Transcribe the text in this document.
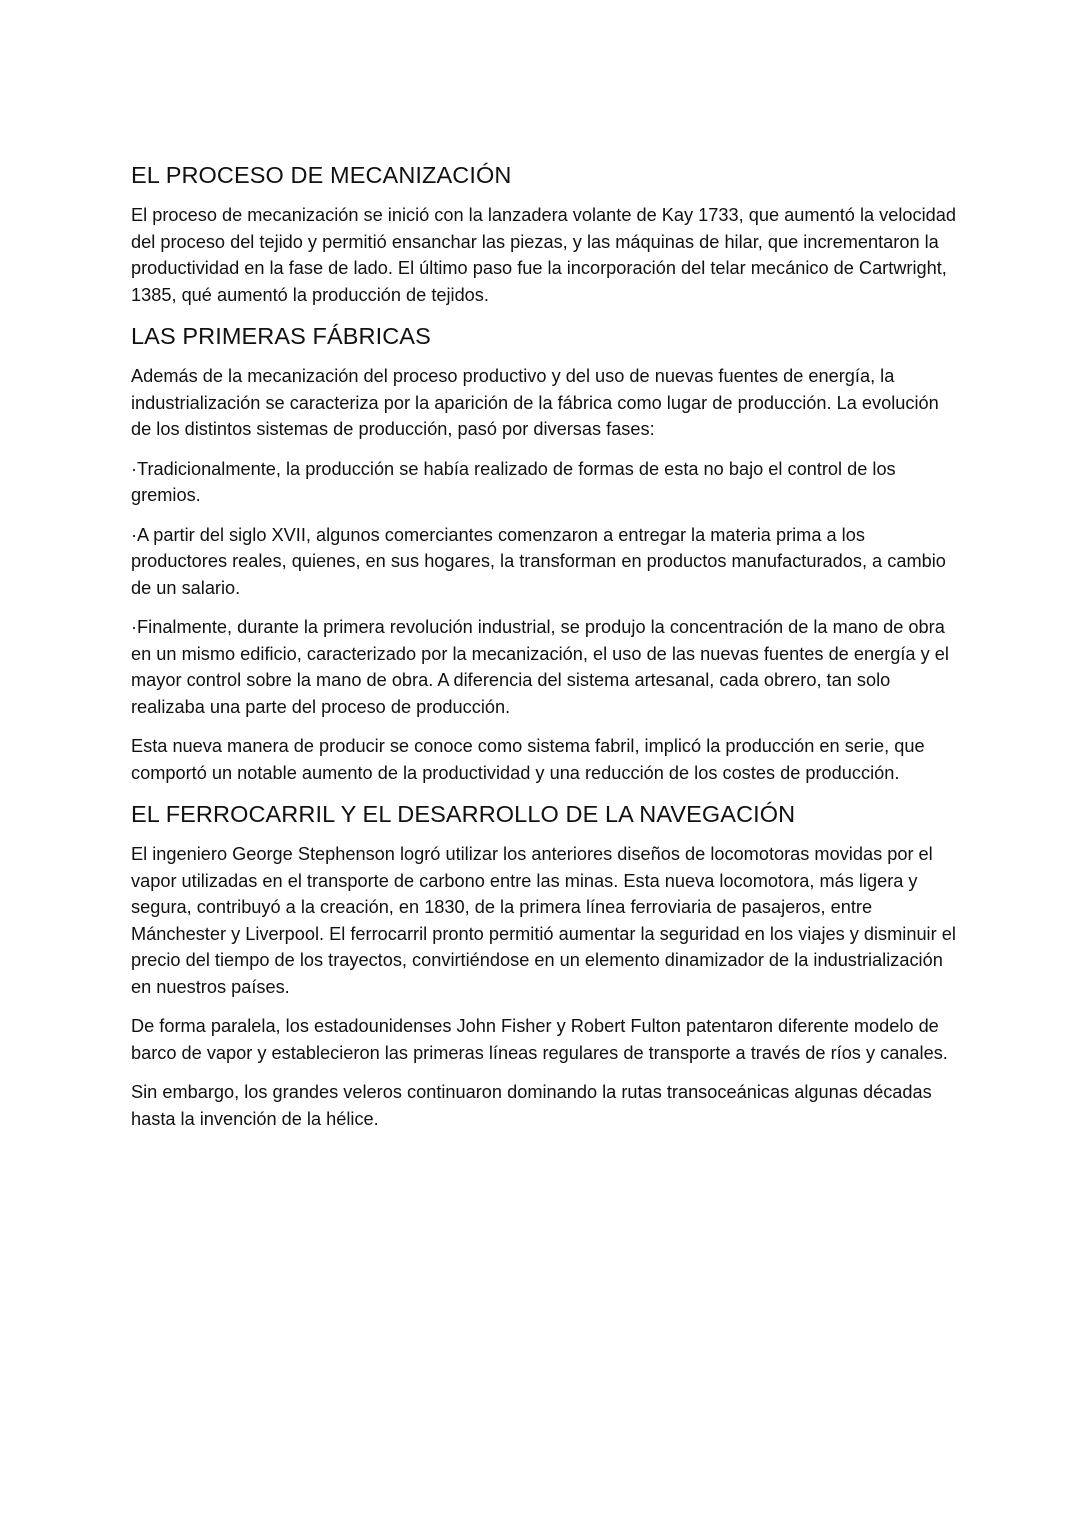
EL PROCESO DE MECANIZACIÓN

El proceso de mecanización se inició con la lanzadera volante de Kay 1733, que aumentó la velocidad del proceso del tejido y permitió ensanchar las piezas, y las máquinas de hilar, que incrementaron la productividad en la fase de lado. El último paso fue la incorporación del telar mecánico de Cartwright, 1385, qué aumentó la producción de tejidos.

LAS PRIMERAS FÁBRICAS

Además de la mecanización del proceso productivo y del uso de nuevas fuentes de energía, la industrialización se caracteriza por la aparición de la fábrica como lugar de producción. La evolución de los distintos sistemas de producción, pasó por diversas fases:

·Tradicionalmente, la producción se había realizado de formas de esta no bajo el control de los gremios.

·A partir del siglo XVII, algunos comerciantes comenzaron a entregar la materia prima a los productores reales, quienes, en sus hogares, la transforman en productos manufacturados, a cambio de un salario.

·Finalmente, durante la primera revolución industrial, se produjo la concentración de la mano de obra en un mismo edificio, caracterizado por la mecanización, el uso de las nuevas fuentes de energía y el mayor control sobre la mano de obra. A diferencia del sistema artesanal, cada obrero, tan solo realizaba una parte del proceso de producción.

Esta nueva manera de producir se conoce como sistema fabril, implicó la producción en serie, que comportó un notable aumento de la productividad y una reducción de los costes de producción.

EL FERROCARRIL Y EL DESARROLLO DE LA NAVEGACIÓN

El ingeniero George Stephenson logró utilizar los anteriores diseños de locomotoras movidas por el vapor utilizadas en el transporte de carbono entre las minas. Esta nueva locomotora, más ligera y segura, contribuyó a la creación, en 1830, de la primera línea ferroviaria de pasajeros, entre Mánchester y Liverpool. El ferrocarril pronto permitió aumentar la seguridad en los viajes y disminuir el precio del tiempo de los trayectos, convirtiéndose en un elemento dinamizador de la industrialización en nuestros países.

De forma paralela, los estadounidenses John Fisher y Robert Fulton patentaron diferente modelo de barco de vapor y establecieron las primeras líneas regulares de transporte a través de ríos y canales.

Sin embargo, los grandes veleros continuaron dominando la rutas transoceánicas algunas décadas hasta la invención de la hélice.
